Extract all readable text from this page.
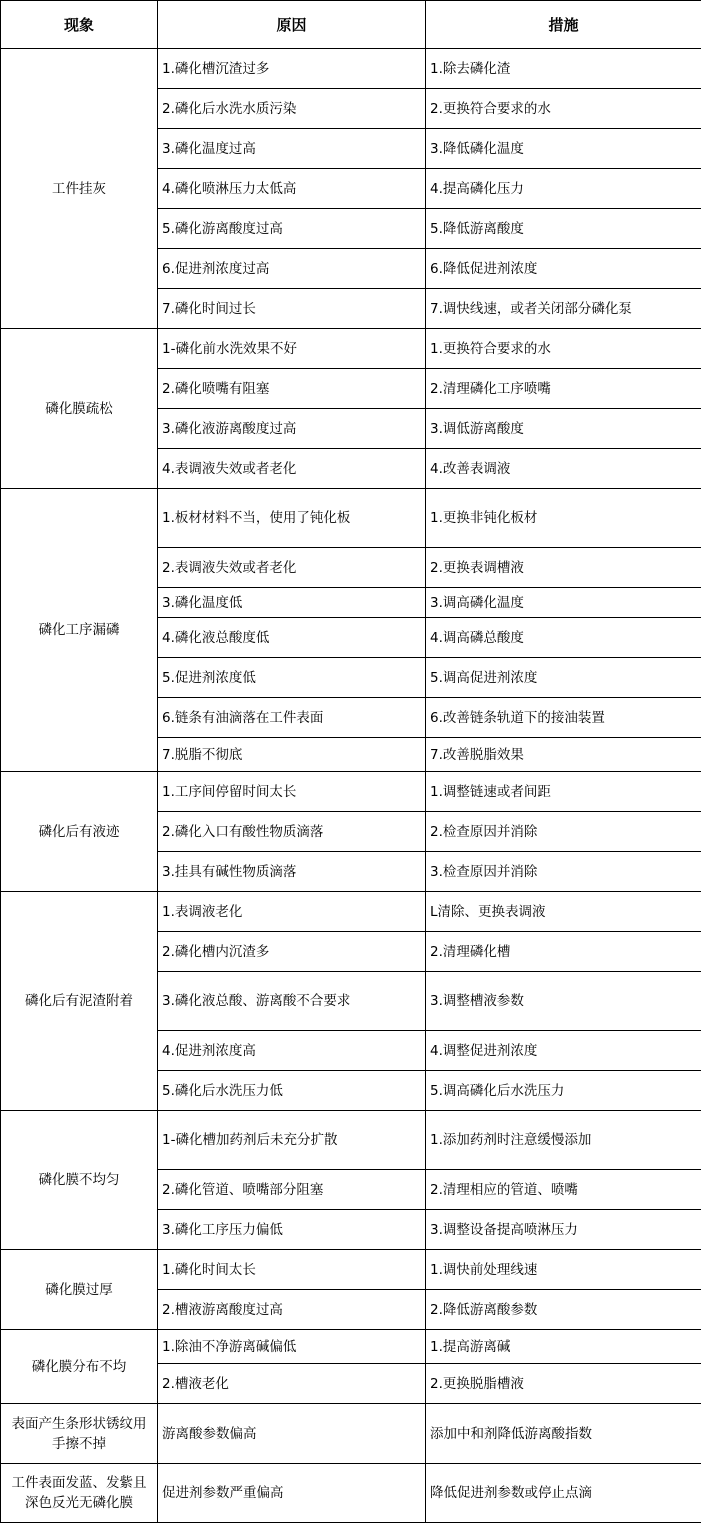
现象	原因	措施
工件挂灰	1.磷化槽沉渣过多	1.除去磷化渣
	2.磷化后水洗水质污染	2.更换符合要求的水
	3.磷化温度过高	3.降低磷化温度
	4.磷化喷淋压力太低高	4.提高磷化压力
	5.磷化游离酸度过高	5.降低游离酸度
	6.促进剂浓度过高	6.降低促进剂浓度
	7.磷化时间过长	7.调快线速，或者关闭部分磷化泵
磷化膜疏松	1-磷化前水洗效果不好	1.更换符合要求的水
	2.磷化喷嘴有阻塞	2.清理磷化工序喷嘴
	3.磷化液游离酸度过高	3.调低游离酸度
	4.表调液失效或者老化	4.改善表调液
磷化工序漏磷	1.板材材料不当，使用了钝化板	1.更换非钝化板材
	2.表调液失效或者老化	2.更换表调槽液
	3.磷化温度低	3.调高磷化温度
	4.磷化液总酸度低	4.调高磷总酸度
	5.促进剂浓度低	5.调高促进剂浓度
	6.链条有油滴落在工件表面	6.改善链条轨道下的接油装置
	7.脱脂不彻底	7.改善脱脂效果
磷化后有液迹	1.工序间停留时间太长	1.调整链速或者间距
	2.磷化入口有酸性物质滴落	2.检查原因并消除
	3.挂具有碱性物质滴落	3.检查原因并消除
磷化后有泥渣附着	1.表调液老化	L清除、更换表调液
	2.磷化槽内沉渣多	2.清理磷化槽
	3.磷化液总酸、游离酸不合要求	3.调整槽液参数
	4.促进剂浓度高	4.调整促进剂浓度
	5.磷化后水洗压力低	5.调高磷化后水洗压力
磷化膜不均匀	1-磷化槽加药剂后未充分扩散	1.添加药剂时注意缓慢添加
	2.磷化管道、喷嘴部分阻塞	2.清理相应的管道、喷嘴
	3.磷化工序压力偏低	3.调整设备提高喷淋压力
磷化膜过厚	1.磷化时间太长	1.调快前处理线速
	2.槽液游离酸度过高	2.降低游离酸参数
磷化膜分布不均	1.除油不净游离碱偏低	1.提高游离碱
	2.槽液老化	2.更换脱脂槽液
表面产生条形状锈纹用 手擦不掉	游离酸参数偏高	添加中和剂降低游离酸指数
工件表面发蓝、发紫且 深色反光无磷化膜	促进剂参数严重偏高	降低促进剂参数或停止点滴
